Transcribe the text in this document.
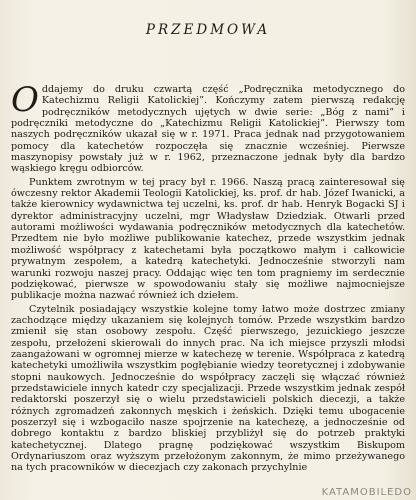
PRZEDMOWA

Oddajemy do druku czwartą część „Podręcznika metodycznego do Katechizmu Religii Katolickiej”. Kończymy zatem pierwszą redakcję podręczników metodycznych ujętych w dwie serie: „Bóg z nami” i podręczniki metodyczne do „Katechizmu Religii Katolickiej”. Pierwszy tom naszych podręczników ukazał się w r. 1971. Praca jednak nad przygotowaniem pomocy dla katechetów rozpoczęła się znacznie wcześniej. Pierwsze maszynopisy powstały już w r. 1962, przeznaczone jednak były dla bardzo wąskiego kręgu odbiorców.

Punktem zwrotnym w tej pracy był r. 1966. Naszą pracą zainteresował się ówczesny rektor Akademii Teologii Katolickiej, ks. prof. dr hab. Józef Iwanicki, a także kierownicy wydawnictwa tej uczelni, ks. prof. dr hab. Henryk Bogacki SJ i dyrektor administracyjny uczelni, mgr Władysław Dziedziak. Otwarli przed autorami możliwości wydawania podręczników metodycznych dla katechetów. Przedtem nie było możliwe publikowanie katechez, przede wszystkim jednak możliwość współpracy z katechetami była początkowo małym i całkowicie prywatnym zespołem, a katedrą katechetyki. Jednocześnie stworzyli nam warunki rozwoju naszej pracy. Oddając więc ten tom pragniemy im serdecznie podziękować, pierwsze w spowodowaniu stały się możliwe najmocniejsze publikacje można nazwać również ich dziełem.

Czytelnik posiadający wszystkie kolejne tomy łatwo może dostrzec zmiany zachodzące między ukazaniem się kolejnych tomów. Przede wszystkim bardzo zmienił się stan osobowy zespołu. Część pierwszego, jezuickiego jeszcze zespołu, przełożeni skierowali do innych prac. Na ich miejsce przyszli młodsi zaangażowani w ogromnej mierze w katechezę w terenie. Współpraca z katedrą katechetyki umożliwiła wszystkim pogłębianie wiedzy teoretycznej i zdobywanie stopni naukowych. Jednocześnie do współpracy zaczęli się włączać również przedstawiciele innych katedr czy specjalizacji. Przede wszystkim jednak zespół redaktorski poszerzył się o wielu przedstawicieli polskich diecezji, a także różnych zgromadzeń zakonnych męskich i żeńskich. Dzięki temu ubogacenie poszerzył się i wzbogaciło nasze spojrzenie na katechezę, a jednocześnie od dobrego kontaktu z bardzo bliskiej przybliżył się do potrzeb praktyki katechetycznej. Dlatego pragnę podziękować wszystkim Biskupom Ordynariuszom oraz wyższym przełożonym zakonnym, że mimo przeżywanego na tych pracowników w diecezjach czy zakonach przychylnie

KATAMOBILEDO
